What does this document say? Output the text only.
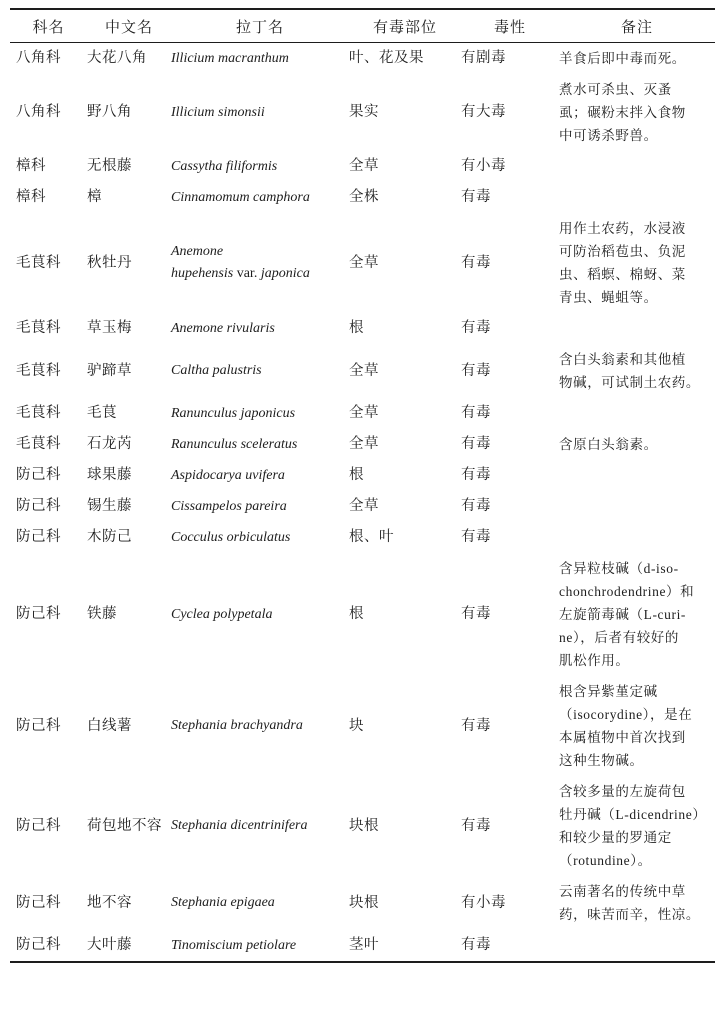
科名	中文名	拉丁名	有毒部位	毒性	备注
八角科	大花八角	Illicium macranthum	叶、花及果	有剧毒	羊食后即中毒而死。
八角科	野八角	Illicium simonsii	果实	有大毒	煮水可杀虫、灭蚤
虱；碾粉末拌入食物
中可诱杀野兽。
樟科	无根藤	Cassytha filiformis	全草	有小毒	
樟科	樟	Cinnamomum camphora	全株	有毒	
毛茛科	秋牡丹	Anemone
hupehensis var. japonica	全草	有毒	用作土农药，水浸液
可防治稻苞虫、负泥
虫、稻螟、棉蚜、菜
青虫、蝇蛆等。
毛茛科	草玉梅	Anemone rivularis	根	有毒	
毛茛科	驴蹄草	Caltha palustris	全草	有毒	含白头翁素和其他植
物碱，可试制土农药。
毛茛科	毛茛	Ranunculus japonicus	全草	有毒	
毛茛科	石龙芮	Ranunculus sceleratus	全草	有毒	含原白头翁素。
防己科	球果藤	Aspidocarya uvifera	根	有毒	
防己科	锡生藤	Cissampelos pareira	全草	有毒	
防己科	木防己	Cocculus orbiculatus	根、叶	有毒	
防己科	铁藤	Cyclea polypetala	根	有毒	含异粒枝碱（d-iso-
chonchrodendrine）和
左旋箭毒碱（L-curi-
ne），后者有较好的
肌松作用。
防己科	白线薯	Stephania brachyandra	块	有毒	根含异紫堇定碱
（isocorydine），是在
本属植物中首次找到
这种生物碱。
防己科	荷包地不容	Stephania dicentrinifera	块根	有毒	含较多量的左旋荷包
牡丹碱（L-dicendrine）
和较少量的罗通定
（rotundine）。
防己科	地不容	Stephania epigaea	块根	有小毒	云南著名的传统中草
药，味苦而辛，性凉。
防己科	大叶藤	Tinomiscium petiolare	茎叶	有毒	
